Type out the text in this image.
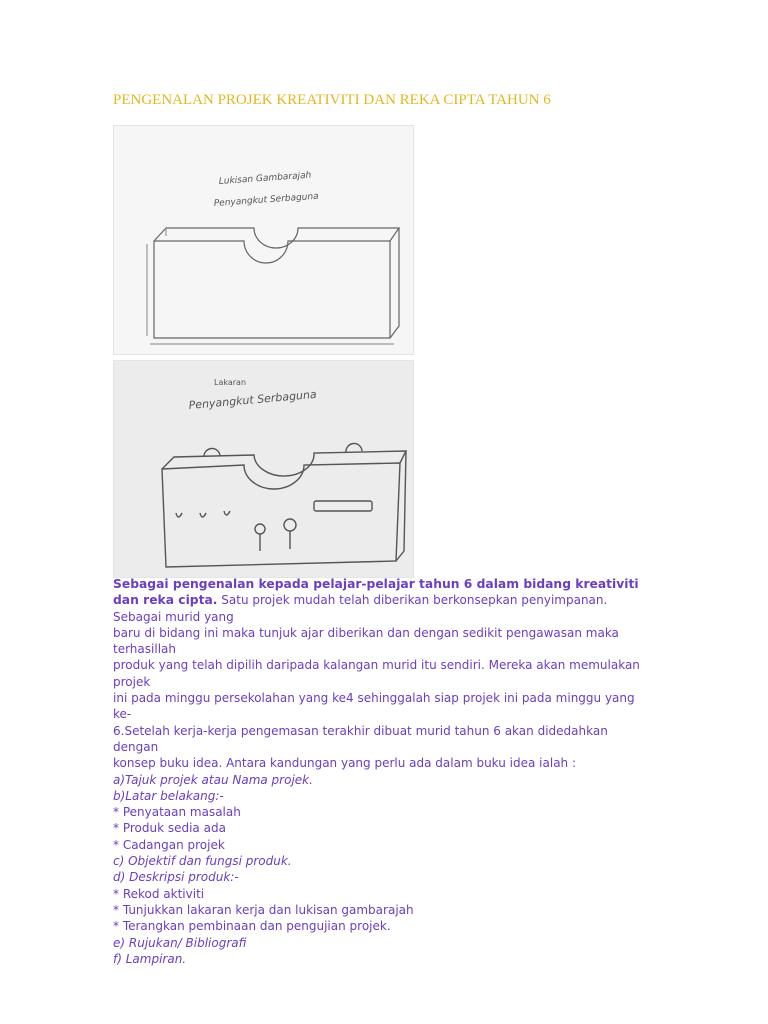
PENGENALAN PROJEK KREATIVITI DAN REKA CIPTA TAHUN 6
Lukisan Gambarajah
Penyangkut Serbaguna
Lakaran
Penyangkut Serbaguna

Sebagai pengenalan kepada pelajar-pelajar tahun 6 dalam bidang kreativiti dan reka cipta. Satu projek mudah telah diberikan berkonsepkan penyimpanan. Sebagai murid yang
baru di bidang ini maka tunjuk ajar diberikan dan dengan sedikit pengawasan maka terhasillah
produk yang telah dipilih daripada kalangan murid itu sendiri. Mereka akan memulakan projek
ini pada minggu persekolahan yang ke4 sehinggalah siap projek ini pada minggu yang ke-
6.Setelah kerja-kerja pengemasan terakhir dibuat murid tahun 6 akan didedahkan dengan
konsep buku idea. Antara kandungan yang perlu ada dalam buku idea ialah :

a)Tajuk projek atau Nama projek.
b)Latar belakang:-
* Penyataan masalah
* Produk sedia ada
* Cadangan projek
c) Objektif dan fungsi produk.
d) Deskripsi produk:-
* Rekod aktiviti
* Tunjukkan lakaran kerja dan lukisan gambarajah
* Terangkan pembinaan dan pengujian projek.
e) Rujukan/ Bibliografi
f) Lampiran.
